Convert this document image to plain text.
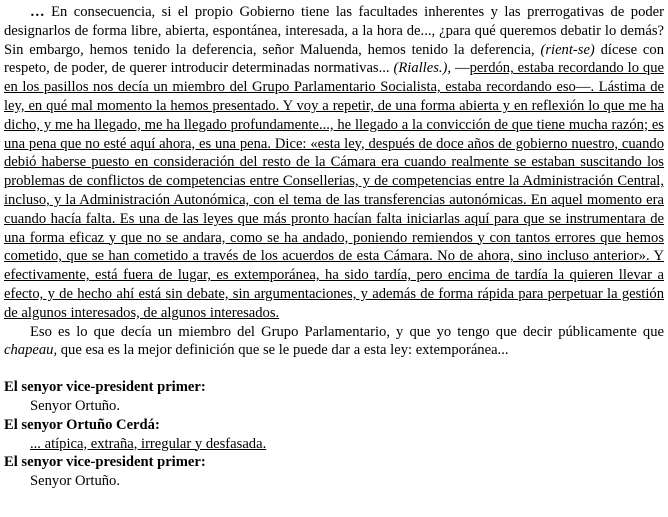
… En consecuencia, si el propio Gobierno tiene las facultades inherentes y las prerrogativas de poder designarlos de forma libre, abierta, espontánea, interesada, a la hora de..., ¿para qué queremos debatir lo demás? Sin embargo, hemos tenido la deferencia, señor Maluenda, hemos tenido la deferencia, (rient-se) dícese con respeto, de poder, de querer introducir determinadas normativas... (Rialles.), —perdón, estaba recordando lo que en los pasillos nos decía un miembro del Grupo Parlamentario Socialista, estaba recordando eso—. Lástima de ley, en qué mal momento la hemos presentado. Y voy a repetir, de una forma abierta y en reflexión lo que me ha dicho, y me ha llegado, me ha llegado profundamente..., he llegado a la convicción de que tiene mucha razón; es una pena que no esté aquí ahora, es una pena. Dice: «esta ley, después de doce años de gobierno nuestro, cuando debió haberse puesto en consideración del resto de la Cámara era cuando realmente se estaban suscitando los problemas de conflictos de competencias entre Consellerias, y de competencias entre la Administración Central, incluso, y la Administración Autonómica, con el tema de las transferencias autonómicas. En aquel momento era cuando hacía falta. Es una de las leyes que más pronto hacían falta iniciarlas aquí para que se instrumentara de una forma eficaz y que no se andara, como se ha andado, poniendo remiendos y con tantos errores que hemos cometido, que se han cometido a través de los acuerdos de esta Cámara. No de ahora, sino incluso anterior». Y efectivamente, está fuera de lugar, es extemporánea, ha sido tardía, pero encima de tardía la quieren llevar a efecto, y de hecho ahí está sin debate, sin argumentaciones, y además de forma rápida para perpetuar la gestión de algunos interesados, de algunos interesados.

Eso es lo que decía un miembro del Grupo Parlamentario, y que yo tengo que decir públicamente que chapeau, que esa es la mejor definición que se le puede dar a esta ley: extemporánea...

El senyor vice-president primer:

Senyor Ortuño.

El senyor Ortuño Cerdá:

... atípica, extraña, irregular y desfasada.

El senyor vice-president primer:

Senyor Ortuño.
